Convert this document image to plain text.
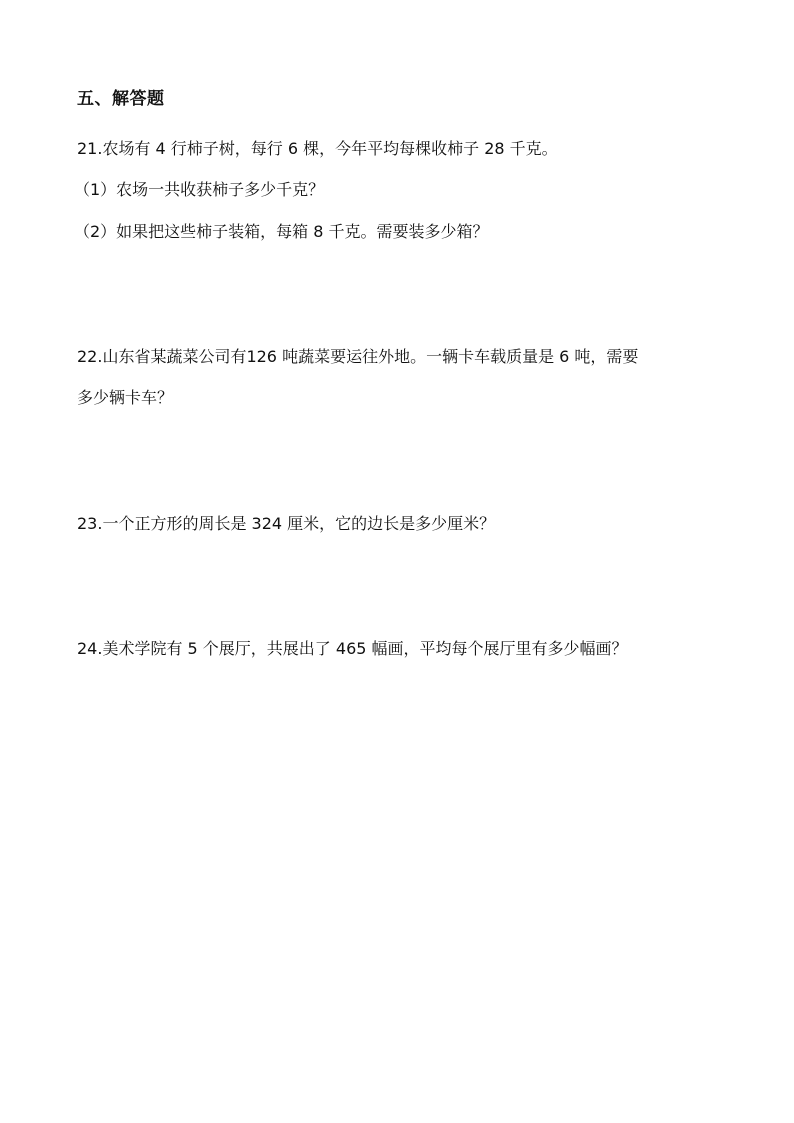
五、解答题

21.农场有 4 行柿子树，每行 6 棵，今年平均每棵收柿子 28 千克。

（1）农场一共收获柿子多少千克？

（2）如果把这些柿子装箱，每箱 8 千克。需要装多少箱？

22.山东省某蔬菜公司有126 吨蔬菜要运往外地。一辆卡车载质量是 6 吨，需要

多少辆卡车？

23.一个正方形的周长是 324 厘米，它的边长是多少厘米？

24.美术学院有 5 个展厅，共展出了 465 幅画，平均每个展厅里有多少幅画？
